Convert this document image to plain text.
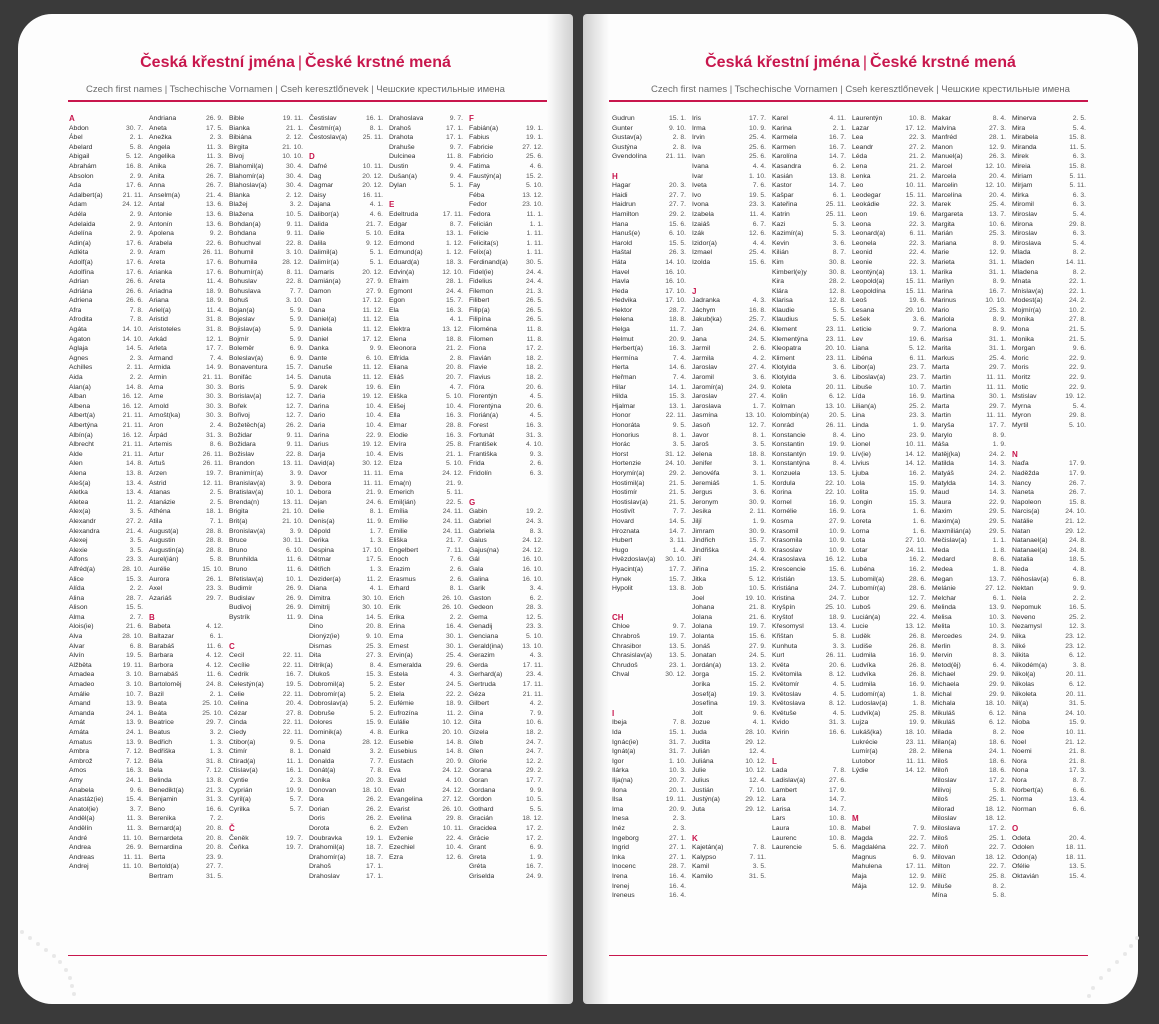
Česká křestní jména | České krstné mená
Czech first names | Tschechische Vornamen | Cseh keresztlőnevek | Чешские крестильные имена
A
Abdon	30. 7.
Ábel	2. 1.
Abelard	5. 8.
Abigail	5. 12.
Abrahám	16. 8.
Absolon	2. 9.
Ada	17. 6.
Adalbert(a)	21. 11.
Adam	24. 12.
Adéla	2. 9.
Adelaida	2. 9.
Adelína	2. 9.
Adin(a)	17. 6.
Adléta	2. 9.
Adolf(a)	17. 6.
Adolfína	17. 6.
Adrian	26. 6.
Adriána	26. 6.
Adriena	26. 6.
Afra	7. 8.
Afrodita	7. 8.
Agáta	14. 10.
Agaton	14. 10.
Aglaja	14. 5.
Agnes	2. 3.
Achilles	2. 11.
Aida	2. 2.
Alan(a)	14. 8.
Alban	16. 12.
Albena	16. 12.
Albert(a)	21. 11.
Albertýna	21. 11.
Albín(a)	16. 12.
Albrecht	21. 11.
Alde	21. 11.
Alen	14. 8.
Alena	13. 8.
Aleš(a)	13. 4.
Aletka	13. 4.
Aletea	11. 2.
Alex(a)	3. 5.
Alexandr	27. 2.
Alexandra	21. 4.
Alexej	3. 5.
Alexie	3. 5.
Alfons	23. 3.
Alfréd(a)	28. 10.
Alice	15. 3.
Alída	2. 2.
Alina	28. 7.
Alison	15. 5.
Alma	2. 7.
Alois(ie)	21. 6.
Alva	28. 10.
Alvar	6. 8.
Alvín	19. 5.
Alžběta	19. 11.
Amadea	3. 10.
Amadeo	3. 10.
Amálie	10. 7.
Amand	13. 9.
Amanda	24. 1.
Amát	13. 9.
Amáta	24. 1.
Amatus	13. 9.
Ambra	7. 12.
Ambrož	7. 12.
Amos	16. 3.
Amy	24. 1.
Anabela	9. 6.
Anastáz(ie)	15. 4.
Anatol(ie)	3. 7.
Anděl(a)	11. 3.
Andělín	11. 3.
André	11. 10.
Andrea	26. 9.
Andreas	11. 11.
Andrej	11. 10.
Andriana	26. 9.
Aneta	17. 5.
Anežka	2. 3.
Angela	11. 3.
Angelika	11. 3.
Anika	26. 7.
Anita	26. 7.
Anna	26. 7.
Anselm(a)	21. 4.
Antal	13. 6.
Antonie	13. 6.
Antonín	13. 6.
Apolena	9. 2.
Arabela	22. 6.
Aram	26. 11.
Areta	17. 6.
Arianka	17. 6.
Areta	11. 4.
Ariadna	18. 9.
Ariana	18. 9.
Ariel(a)	11. 4.
Aristid	31. 8.
Aristoteles	31. 8.
Arkád	12. 1.
Arleta	17. 7.
Armand	7. 4.
Armida	14. 9.
Armin	21. 11.
Arna	30. 3.
Arne	30. 3.
Arnold	30. 3.
Arnošt(ka)	30. 3.
Aron	2. 4.
Árpád	31. 3.
Artemis	8. 6.
Artur	26. 11.
Artuš	26. 11.
Arzen	19. 7.
Astrid	12. 11.
Atanas	2. 5.
Atanázie	2. 5.
Athéna	18. 1.
Atila	7. 1.
August(a)	28. 8.
Augustin	28. 8.
Augustin(a)	28. 8.
Aurel(ián)	5. 8.
Aurélie	15. 10.
Aurora	26. 1.
Axel	23. 3.
Azariáš	29. 7.
B
Babeta	4. 12.
Baltazar	6. 1.
Barabáš	11. 6.
Barbara	4. 12.
Barbora	4. 12.
Barnabáš	11. 6.
Bartoloměj	24. 8.
Bazil	2. 1.
Beata	25. 10.
Beáta	25. 10.
Beatrice	29. 7.
Beatus	3. 2.
Bedřich	1. 3.
Bedřiška	1. 3.
Béla	31. 8.
Bela	7. 12.
Belinda	13. 8.
Benedikt(a)	21. 3.
Benjamin	31. 3.
Beno	16. 6.
Berenika	7. 2.
Bernard(a)	20. 8.
Bernardeta	20. 8.
Bernardina	20. 8.
Berta	23. 9.
Bertold(a)	27. 7.
Bertram	31. 5.
Bible	19. 11.
Bianka	21. 1.
Bibiána	2. 12.
Birgita	21. 10.
Bivoj	10. 10.
Blahomil(a)	30. 4.
Blahomír(a)	30. 4.
Blahoslav(a)	30. 4.
Blanka	2. 12.
Blažej	3. 2.
Blažena	10. 5.
Bohdan(a)	9. 11.
Bohdana	9. 11.
Bohuchval	22. 8.
Bohumil	3. 10.
Bohumila	28. 12.
Bohumír(a)	8. 11.
Bohuslav	22. 8.
Bohuslava	7. 7.
Bohuš	3. 10.
Bojan(a)	5. 9.
Bojeslav	5. 9.
Bojislav(a)	5. 9.
Bojmír	5. 9.
Boleměr	6. 9.
Boleslav(a)	6. 9.
Bonaventura	15. 7.
Bonifác	14. 5.
Boris	5. 9.
Borislav(a)	12. 7.
Bořek	12. 7.
Bořivoj	12. 7.
Božetěch(a)	26. 2.
Božidar	9. 11.
Božidara	9. 11.
Božislav	22. 8.
Brandon	13. 11.
Branimír(a)	3. 9.
Branislav(a)	3. 9.
Bratislav(a)	10. 1.
Brenda(n)	13. 11.
Brigita	21. 10.
Brit(a)	21. 10.
Bronislav(a)	3. 9.
Bruce	30. 11.
Bruno	6. 10.
Brunhilda	11. 6.
Bruno	11. 6.
Břetislav(a)	10. 1.
Budimír	26. 9.
Budislav	26. 9.
Budivoj	26. 9.
Bystrík	11. 9.
C
Cecil	22. 11.
Cecílie	22. 11.
Cedrik	16. 7.
Celestýn(a)	19. 5.
Celie	22. 11.
Celina	20. 4.
Cézar	27. 8.
Cinda	22. 11.
Ciedy	22. 11.
Ctibor(a)	9. 5.
Ctimír	8. 1.
Ctirad(a)	11. 1.
Ctislav(a)	16. 1.
Cyntie	2. 3.
Cyprián	19. 9.
Cyril(a)	5. 7.
Cyrilka	5. 7.
Č
Čeněk	19. 7.
Čeňka	19. 7.
Čestislav	16. 1.
Čestmír(a)	8. 1.
Čestoslav(a) 25. 11.
D
Dafné	10. 11.
Dag	20. 12.
Dagmar	20. 12.
Daisy	16. 11.
Dajana	4. 1.
Dalibor(a)	4. 6.
Dalida	21. 7.
Dalie	5. 10.
Dalila	9. 12.
Dalimil(a)	5. 1.
Dalimír(a)	5. 1.
Damaris	20. 12.
Damián(a)	27. 9.
Damon	27. 9.
Dan	17. 12.
Dana	11. 12.
Daniel(a)	11. 12.
Daniela	11. 12.
Daniel	17. 12.
Danka	9. 9.
Dante	6. 10.
Danuše	11. 12.
Danuta	11. 12.
Darek	19. 6.
Daria	19. 12.
Darina	10. 4.
Dario	10. 4.
Daria	10. 4.
Darina	22. 9.
Darius	19. 12.
Darja	10. 4.
David(a)	30. 12.
Davor	11. 11.
Debora	11. 11.
Debora	21. 9.
Dejan	24. 6.
Delie	8. 1.
Denis(a)	11. 9.
Děpold	1. 7.
Derika	1. 3.
Despina	17. 10.
Dětmar	17. 5.
Dětřich	1. 3.
Dezider(a)	11. 2.
Diana	4. 1.
Dimitra	30. 10.
Dimitrij	30. 10.
Dina	14. 5.
Dino	20. 8.
Dionýz(ie)	9. 10.
Dismas	25. 3.
Dita	27. 3.
Ditrik(a)	8. 4.
Dlukoš	15. 3.
Dobromil(a)	5. 2.
Dobromír(a)	5. 2.
Dobroslav(a)	5. 2.
Dobruše	5. 2.
Dolores	15. 9.
Dominik(a)	4. 8.
Dona	28. 12.
Donald	3. 2.
Donalda	7. 7.
Donát(a)	7. 8.
Donika	20. 3.
Donovan	18. 10.
Dora	26. 2.
Dorian	26. 2.
Doris	26. 2.
Dorota	6. 2.
Doubravka	19. 1.
Drahomil(a)	18. 7.
Drahomír(a)	18. 7.
Drahoš	17. 1.
Drahoslav	17. 1.
Drahoslava	9. 7.
Drahoš	17. 1.
Drahota	17. 1.
Drahuše	9. 7.
Dulcinea	11. 8.
Dustin	9. 4.
Dušan(a)	9. 4.
Dylan	5. 1.
E
Edeltruda	17. 11.
Edgar	8. 7.
Edita	13. 1.
Edmond	1. 12.
Edmund(a)	1. 12.
Eduard(a)	18. 3.
Edvin(a)	12. 10.
Efraim	28. 1.
Egmont	24. 4.
Egon	15. 7.
Ela	16. 3.
Ela	4. 1.
Elektra	13. 12.
Elena	18. 8.
Eleonora	21. 2.
Elfrída	2. 8.
Eliana	20. 8.
Eliáš	20. 7.
Elin	4. 7.
Eliška	5. 10.
Elišej	10. 4.
Ella	16. 3.
Elmar	28. 8.
Elodie	16. 3.
Elvíra	25. 8.
Elvis	21. 1.
Elza	5. 10.
Ema	24. 12.
Ema(n)	21. 9.
Emerich	5. 11.
Emil(ián)	22. 5.
Emília	24. 11.
Emílie	24. 11.
Emilie	24. 11.
Eliška	21. 7.
Engelbert	7. 11.
Enoch	7. 6.
Erazim	2. 6.
Erasmus	2. 6.
Erhard	8. 1.
Erich	26. 10.
Erik	26. 10.
Erika	2. 2.
Erina	16. 4.
Erna	30. 1.
Ernest	30. 1.
Ervin(a)	25. 4.
Esmeralda	29. 6.
Estela	4. 3.
Ester	24. 5.
Etela	22. 2.
Eufémie	18. 9.
Eufrozína	11. 2.
Eulálie	10. 12.
Eurika	20. 10.
Eusebie	14. 8.
Eusebius	14. 8.
Eustach	20. 9.
Eva	24. 12.
Evald	4. 10.
Evan	24. 12.
Evangelina	27. 12.
Evarist	26. 10.
Evelína	29. 8.
Evžen	10. 11.
Evženie	22. 4.
Ezechiel	10. 4.
Ezra	12. 6.
F
Fabián(a)	19. 1.
Fabius	19. 1.
Fabricie	27. 12.
Fabricio	25. 6.
Fatima	4. 6.
Faustýn(a)	15. 2.
Fay	5. 10.
Féba	13. 12.
Fedor	23. 10.
Fedora	11. 1.
Felicián	1. 1.
Felicie	1. 11.
Felicita(s)	1. 11.
Felix(a)	1. 11.
Ferdinand(a)	30. 5.
Fidel(ie)	24. 4.
Fidelius	24. 4.
Filemon	21. 3.
Filibert	26. 5.
Filip(a)	26. 5.
Filipína	26. 5.
Filoména	11. 8.
Filomen	11. 8.
Fiona	17. 2.
Flavián	18. 2.
Flavie	18. 2.
Flavius	18. 2.
Flóra	20. 6.
Florentýn	4. 5.
Florentýna	20. 6.
Florián(a)	4. 5.
Forest	16. 3.
Fortunát	31. 3.
František	4. 10.
Františka	9. 3.
Frida	2. 6.
Fridolín	6. 3.
G
Gabin	19. 2.
Gabriel	24. 3.
Gabriela	8. 3.
Gaius	24. 12.
Gajus(na)	24. 12.
Gál	16. 10.
Gala	16. 10.
Galina	16. 10.
Garik	3. 4.
Gaston	6. 2.
Gedeon	28. 3.
Gema	12. 5.
Genadij	23. 3.
Genciana	5. 10.
Gerald(ina)	13. 10.
Gerazim	4. 3.
Gerda	17. 11.
Gerhard(a)	23. 4.
Gertruda	17. 11.
Géza	21. 11.
Gilbert	4. 2.
Gina	7. 9.
Gita	10. 6.
Gizela	18. 2.
Gleb	24. 7.
Glen	24. 7.
Glorie	12. 2.
Gorana	29. 2.
Goran	17. 7.
Gordana	9. 9.
Gordon	10. 5.
Gothard	5. 5.
Gracián	18. 12.
Gracidea	17. 2.
Grácie	17. 2.
Grant	6. 9.
Greta	1. 9.
Gréta	16. 7.
Griselda	24. 9.
Česká křestní jména | České krstné mená
Czech first names | Tschechische Vornamen | Cseh keresztlőnevek | Чешские крестильные имена
Gudrun	15. 1.
Gunter	9. 10.
Gustav(a)	2. 8.
Gustýna	2. 8.
Gvendolína	21. 11.
H
Hagar	20. 3.
Haidi	27. 7.
Haidrun	27. 7.
Hamilton	29. 2.
Hana	15. 6.
Hanuš(e)	6. 10.
Harold	15. 5.
Haštal	26. 3.
Háta	14. 10.
Havel	16. 10.
Havla	16. 10.
Heda	17. 10.
Hedvika	17. 10.
Hektor	28. 7.
Helena	18. 8.
Helga	11. 7.
Helmut	20. 9.
Herbert(a)	16. 3.
Hermína	7. 4.
Herta	14. 6.
Heřman	7. 4.
Hilar	14. 1.
Hilda	15. 3.
Hjalmar	13. 1.
Honor	22. 11.
Honoráta	9. 5.
Honorius	8. 1.
Horác	3. 5.
Horst	31. 12.
Hortenzie	24. 10.
Horymír(a)	29. 2.
Hostimil(a)	21. 5.
Hostimír	21. 5.
Hostislav(a)	21. 5.
Hostivít	7. 7.
Hovard	14. 5.
Hroznata	14. 7.
Hubert	3. 11.
Hugo	1. 4.
Hvězdoslav(a) 30. 10.
Hyacint(a)	17. 7.
Hynek	15. 7.
Hypolit	13. 8.
CH
Chloe	9. 7.
Chrabroš	19. 7.
Chrasibor	13. 5.
Chrasislav(a) 13. 5.
Chrudoš	23. 1.
Chval	30. 12.
I
Ibeja	7. 8.
Ida	15. 1.
Ignác(ie)	31. 7.
Ignát(a)	31. 7.
Igor	1. 10.
Ilárka	10. 3.
Ilja(na)	20. 7.
Ilona	20. 1.
Ilsa	19. 11.
Ima	20. 9.
Inesa	2. 3.
Inéz	2. 3.
Ingeborg	27. 1.
Ingrid	27. 1.
Inka	27. 1.
Inocenc	28. 7.
Irena	16. 4.
Irenej	16. 4.
Ireneus	16. 4.
Iris	17. 7.
Irma	10. 9.
Irvin	25. 4.
Iva	25. 6.
Ivan	25. 6.
Ivana	4. 4.
Ivar	1. 10.
Iveta	7. 6.
Ivo	19. 5.
Ivona	23. 3.
Izabela	11. 4.
Izaiáš	6. 7.
Izák	12. 6.
Izidor(a)	4. 4.
Izmael	25. 4.
Izolda	15. 6.
J
Jadranka	4. 3.
Jáchym	16. 8.
Jakub(ka)	25. 7.
Jan	24. 6.
Jana	24. 5.
Jarmil	2. 6.
Jarmila	4. 2.
Jaroslav	27. 4.
Jaromil	3. 6.
Jaromír(a)	24. 9.
Jaroslav	27. 4.
Jaroslava	1. 7.
Jasmína	13. 10.
Jasoň	12. 7.
Javor	8. 1.
Jaroš	3. 5.
Jelena	18. 8.
Jenifer	3. 1.
Jenovéfa	3. 1.
Jeremiáš	1. 5.
Jergus	3. 6.
Jeronym	30. 9.
Jesika	2. 11.
Jiljí	1. 9.
Jimram	30. 9.
Jindřich	15. 7.
Jindřiška	4. 9.
Jiří	24. 4.
Jiřina	15. 2.
Jitka	5. 12.
Job	10. 5.
Joel	19. 10.
Johana	21. 8.
Jolana	21. 6.
Jolana	19. 7.
Jolanta	15. 6.
Jonáš	27. 9.
Jonatan	24. 5.
Jordán(a)	13. 2.
Jorga	15. 2.
Jorika	15. 2.
Josef(a)	19. 3.
Josefína	19. 3.
Jolt	9. 6.
Jozue	4. 1.
Juda	28. 10.
Judita	29. 12.
Julián	12. 4.
Juliána	10. 12.
Julie	10. 12.
Julius	12. 4.
Justián	7. 10.
Justýn(a)	29. 12.
Juta	29. 12.
K
Kajetán(a)	7. 8.
Kalypso	7. 11.
Kamil	3. 5.
Kamilo	31. 5.
Karel	4. 11.
Karina	2. 1.
Karmela	16. 7.
Karmen	16. 7.
Karolína	14. 7.
Kasandra	6. 2.
Kasián	13. 8.
Kastor	14. 7.
Kašpar	6. 1.
Kateřina	25. 11.
Katrin	25. 11.
Kazi	5. 3.
Kazimír(a)	5. 3.
Kevin	3. 6.
Kilián	8. 7.
Kim	30. 8.
Kimberl(e)y	30. 8.
Kira	28. 2.
Klára	12. 8.
Klarisa	12. 8.
Klaudie	5. 5.
Klaudius	5. 5.
Klement	23. 11.
Klementýna	23. 11.
Kleopatra	20. 10.
Kliment	23. 11.
Klotylda	3. 6.
Klotylda	3. 6.
Koleta	20. 11.
Kolin	6. 12.
Kolman	13. 10.
Kolombín(a)	20. 5.
Konrád	26. 11.
Konstancie	8. 4.
Konstantin	19. 9.
Konstantýn	19. 9.
Konstantýna	8. 4.
Konzuela	13. 5.
Kordula	22. 10.
Korina	22. 10.
Kornel	16. 9.
Kornélie	16. 9.
Kosma	27. 9.
Krasomil	10. 9.
Krasomila	10. 9.
Krasoslav	10. 9.
Krasoslava	16. 12.
Krescencie	15. 6.
Kristián	13. 5.
Kristiána	24. 7.
Kristina	24. 7.
Kryšpín	25. 10.
Kryštof	18. 9.
Křesomysl	13. 4.
Křištan	5. 8.
Kunhuta	3. 3.
Kurt	26. 11.
Květa	20. 6.
Květomila	8. 12.
Květomír	4. 5.
Květoslav	4. 5.
Květoslava	8. 12.
Květuše	4. 5.
Kvido	31. 3.
Kvirin	16. 6.
L
Lada	7. 8.
Ladislav(a)	27. 6.
Lambert	17. 9.
Lara	14. 7.
Larisa	14. 7.
Lars	10. 8.
Laura	10. 8.
Laurenc	10. 8.
Laurencie	5. 6.
Laurentýn	10. 8.
Lazar	17. 12.
Lea	22. 3.
Leandr	27. 2.
Léda	21. 2.
Lena	21. 2.
Lenka	21. 2.
Leo	10. 11.
Leodegar	15. 11.
Leokádie	22. 3.
Leon	19. 6.
Leona	22. 3.
Leonard(a)	6. 11.
Leonela	22. 3.
Leonid	22. 4.
Leonie	22. 3.
Leontýn(a)	13. 1.
Leopold(a)	15. 11.
Leopoldína	15. 11.
Leoš	19. 6.
Lesana	29. 10.
Lešek	3. 6.
Leticie	9. 7.
Lev	19. 6.
Liana	5. 12.
Libéna	6. 11.
Libor(a)	23. 7.
Liboslav(a)	23. 7.
Libuše	10. 7.
Lída	16. 9.
Lilian(a)	25. 2.
Lina	23. 3.
Linda	1. 9.
Lino	23. 9.
Lionel	10. 11.
Lív(ie)	14. 12.
Livius	14. 12.
Ljuba	16. 2.
Lola	15. 9.
Lolita	15. 9.
Longin	15. 3.
Lora	1. 6.
Loreta	1. 6.
Lorna	1. 6.
Lota	27. 10.
Lotar	24. 11.
Luba	16. 2.
Lubéna	16. 2.
Lubomil(a)	28. 6.
Lubomír(a)	28. 6.
Lubor	12. 7.
Luboš	29. 6.
Lucián(a)	22. 4.
Lucie	13. 12.
Luděk	26. 8.
Ludiše	26. 8.
Ludmila	16. 9.
Ludvíka	26. 8.
Ludvíka	26. 8.
Ludmila	16. 9.
Ludomír(a)	1. 8.
Ludoslav(a)	1. 8.
Ludvík(a)	25. 8.
Lujza	19. 9.
Lukáš(ka)	18. 10.
Lukrécie	23. 11.
Lumír(a)	28. 2.
Lutobor	11. 11.
Lýdie	14. 12.
M
Mabel	7. 9.
Magda	22. 7.
Magdaléna	22. 7.
Magnus	6. 9.
Mahulena	17. 11.
Maja	12. 9.
Mája	12. 9.
Makar	8. 4.
Malvína	27. 3.
Manfréd	28. 1.
Manon	12. 9.
Manuel(a)	26. 3.
Marcel	12. 10.
Marcela	20. 4.
Marcelin	12. 10.
Marcelína	20. 4.
Marek	25. 4.
Margareta	13. 7.
Margita	10. 6.
Marián	25. 3.
Mariana	8. 9.
Marie	12. 9.
Marieta	31. 1.
Marika	31. 1.
Marilyn	8. 9.
Marina	16. 7.
Marinus	10. 10.
Mario	25. 3.
Mariola	8. 9.
Mariona	8. 9.
Marisa	31. 1.
Marita	31. 1.
Markus	25. 4.
Marta	29. 7.
Martin	11. 11.
Martin	11. 11.
Martina	30. 1.
Marta	29. 7.
Martin	11. 11.
Maryša	17. 7.
Marylo	8. 9.
Máša	1. 9.
Matěj(ka)	24. 2.
Matilda	14. 3.
Matyáš	24. 2.
Matylda	14. 3.
Maud	14. 3.
Maura	22. 9.
Maxim	29. 5.
Maxim(a)	29. 5.
Maxmilián(a)	29. 5.
Mečislav(a)	1. 1.
Meda	1. 8.
Medard	8. 6.
Medea	1. 8.
Megan	13. 7.
Melánie	27. 12.
Melchar	6. 1.
Melinda	13. 9.
Melisa	10. 3.
Melita	10. 3.
Mercedes	24. 9.
Merlin	8. 3.
Mervin	8. 3.
Metod(ěj)	6. 4.
Michael	29. 9.
Michaela	29. 9.
Michal	29. 9.
Michala	18. 10.
Mikuláš	6. 12.
Mikuláš	6. 12.
Milada	8. 2.
Milan(a)	18. 6.
Milena	24. 1.
Miloš	18. 6.
Miloň	18. 6.
Miloslav	17. 2.
Milivoj	5. 8.
Miloš	25. 1.
Milorad	18. 12.
Miloslav	18. 12.
Miloslava	17. 2.
Miloš	25. 1.
Miloň	22. 7.
Milovan	18. 12.
Milton	22. 7.
Milíč	25. 8.
Miluše	8. 2.
Mína	5. 8.
Minerva	2. 5.
Mira	5. 4.
Mirabela	15. 8.
Miranda	11. 5.
Mirek	6. 3.
Mireia	15. 8.
Miriam	5. 11.
Mirjam	5. 11.
Mirka	6. 3.
Miromil	6. 3.
Miroslav	5. 4.
Mirona	29. 8.
Miroslav	6. 3.
Miroslava	5. 4.
Mlada	8. 2.
Mladen	14. 11.
Mladena	8. 2.
Mnata	22. 1.
Mnislav(a)	22. 1.
Modest(a)	24. 2.
Mojmír(a)	10. 2.
Monika	27. 8.
Mona	21. 5.
Monika	21. 5.
Morgan	9. 6.
Moric	22. 9.
Moris	22. 9.
Moritz	22. 9.
Motic	22. 9.
Mstislav	19. 12.
Myrna	5. 4.
Myron	29. 8.
Myrtil	5. 10.
N
Naďa	17. 9.
Naděžda	17. 9.
Nancy	26. 7.
Naneta	26. 7.
Napoleon	15. 8.
Narcis(a)	24. 10.
Natálie	21. 12.
Natan	29. 12.
Natanael(a)	24. 8.
Natanael(a)	24. 8.
Natalia	18. 5.
Neda	4. 8.
Něhoslav(a)	6. 8.
Nektan	9. 9.
Nela	2. 2.
Nepomuk	16. 5.
Neveno	25. 2.
Nezamysl	12. 3.
Nika	23. 12.
Niké	23. 12.
Nikita	6. 12.
Nikodém(a)	3. 8.
Nikol(a)	20. 11.
Nikolas	6. 12.
Nikoleta	20. 11.
Nil(a)	31. 5.
Nina	24. 10.
Nioba	15. 9.
Noe	10. 11.
Noel	21. 12.
Noemi	21. 8.
Nora	21. 8.
Nona	17. 3.
Nora	8. 7.
Norbert(a)	6. 6.
Norma	13. 4.
Norman	6. 6.
O
Odeta	20. 4.
Odolen	18. 11.
Odon(a)	18. 11.
Ofélie	13. 5.
Oktavián	15. 4.
